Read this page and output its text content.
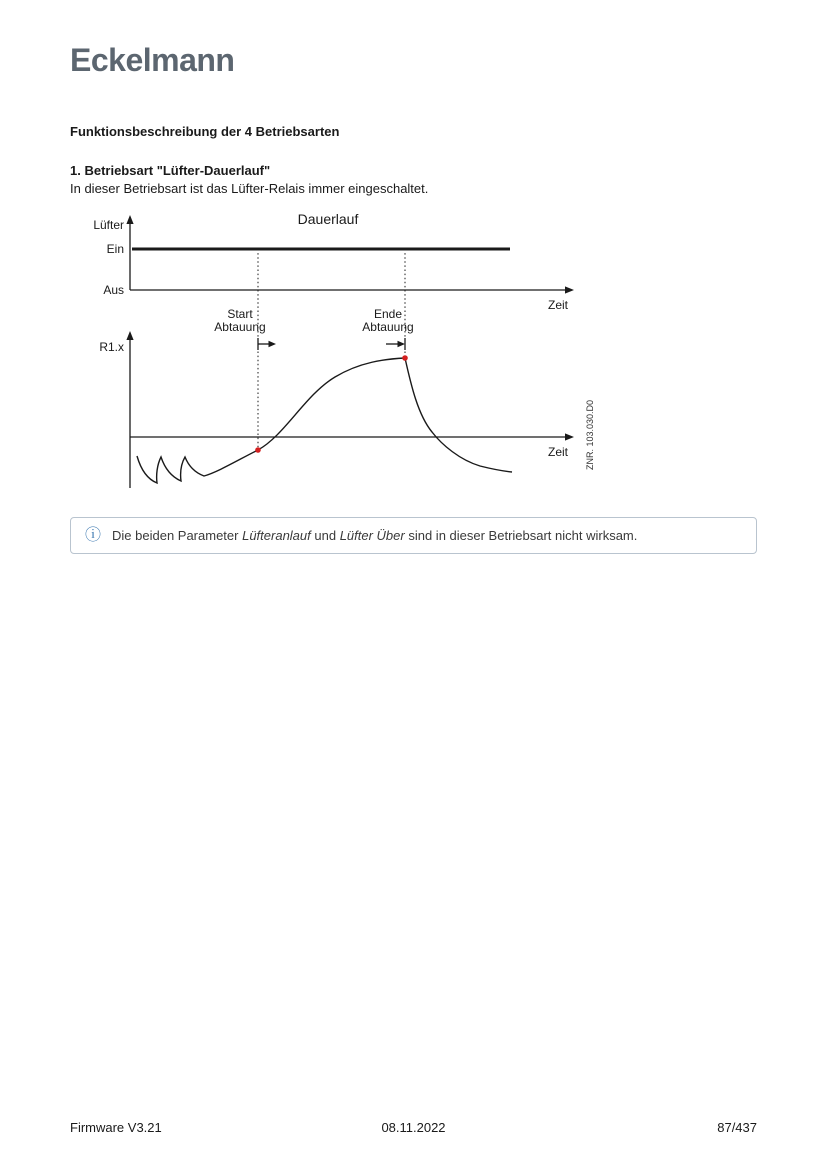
Eckelmann
Funktionsbeschreibung der 4 Betriebsarten
1. Betriebsart "Lüfter-Dauerlauf"
In dieser Betriebsart ist das Lüfter-Relais immer eingeschaltet.
Dauerlauf
Lüfter
Ein
Aus
Zeit
Start
Abtauung
Ende
Abtauung
R1.x
Zeit ZNR. 103.030.D0
ⓘ Die beiden Parameter Lüfteranlauf und Lüfter Über sind in dieser Betriebsart nicht wirksam.
Firmware V3.21	08.11.2022	87/437
